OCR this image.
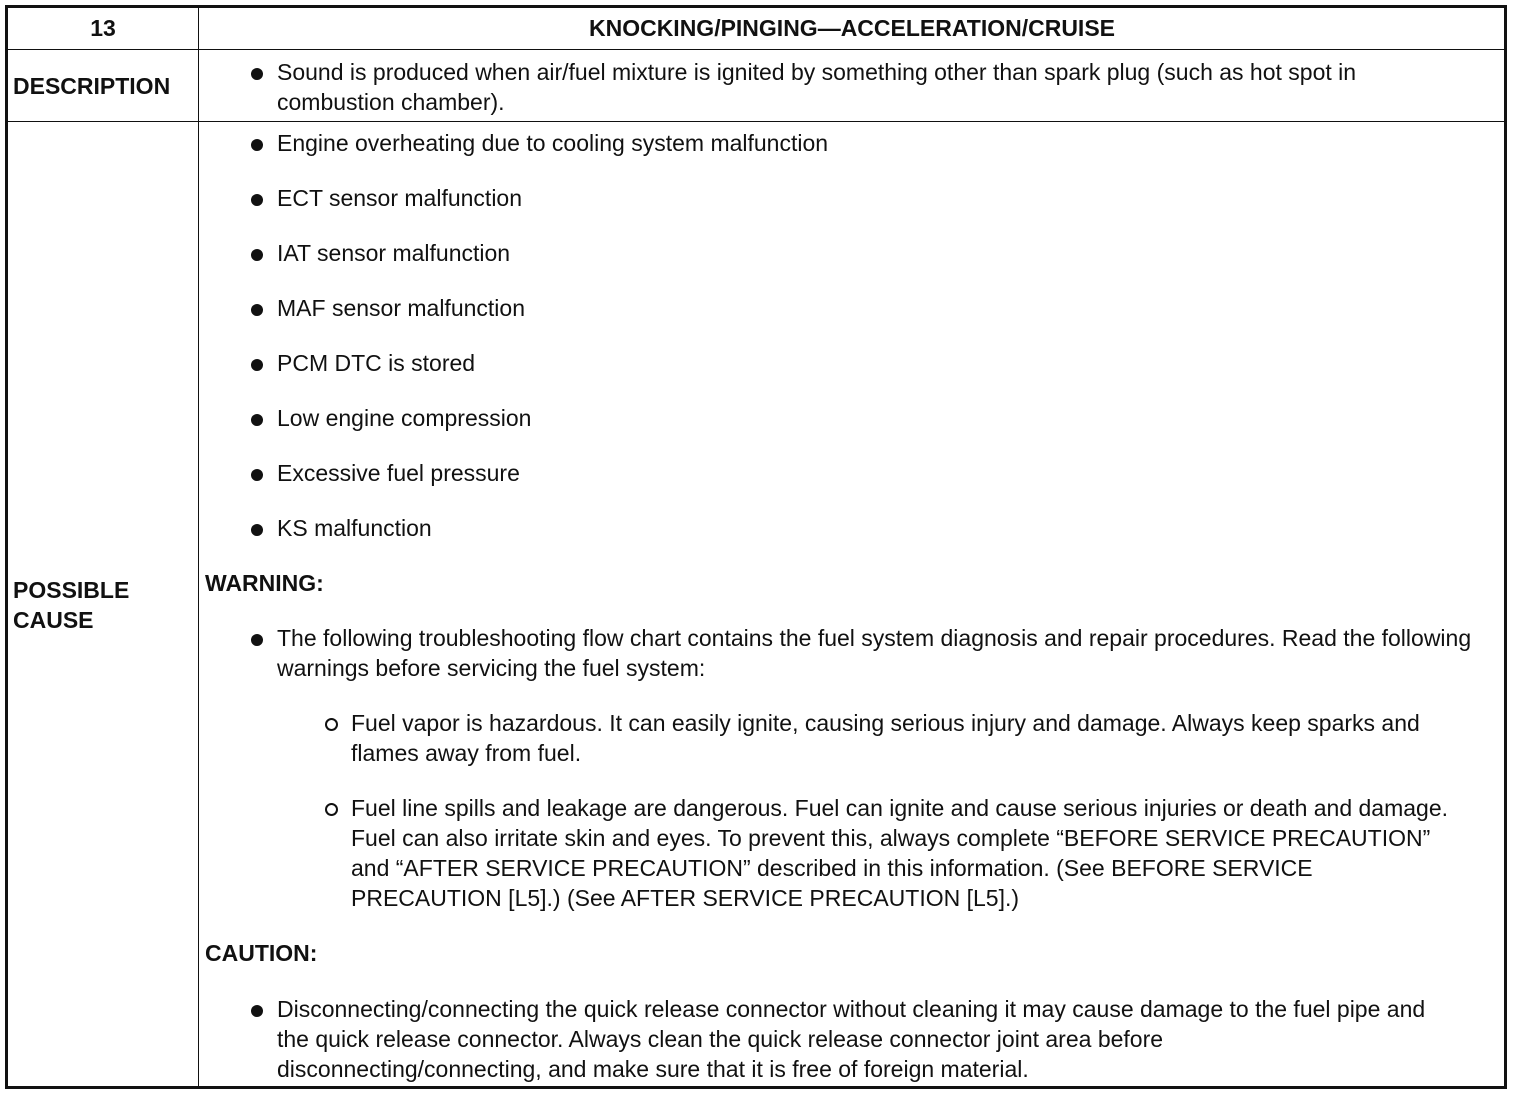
13	KNOCKING/PINGING—ACCELERATION/CRUISE
DESCRIPTION
Sound is produced when air/fuel mixture is ignited by something other than spark plug (such as hot spot in combustion chamber).
POSSIBLE
CAUSE
Engine overheating due to cooling system malfunction
ECT sensor malfunction
IAT sensor malfunction
MAF sensor malfunction
PCM DTC is stored
Low engine compression
Excessive fuel pressure
KS malfunction
WARNING:
The following troubleshooting flow chart contains the fuel system diagnosis and repair procedures. Read the following warnings before servicing the fuel system:
Fuel vapor is hazardous. It can easily ignite, causing serious injury and damage. Always keep sparks and flames away from fuel.
Fuel line spills and leakage are dangerous. Fuel can ignite and cause serious injuries or death and damage. Fuel can also irritate skin and eyes. To prevent this, always complete “BEFORE SERVICE PRECAUTION” and “AFTER SERVICE PRECAUTION” described in this information. (See BEFORE SERVICE PRECAUTION [L5].) (See AFTER SERVICE PRECAUTION [L5].)
CAUTION:
Disconnecting/connecting the quick release connector without cleaning it may cause damage to the fuel pipe and the quick release connector. Always clean the quick release connector joint area before disconnecting/connecting, and make sure that it is free of foreign material.
